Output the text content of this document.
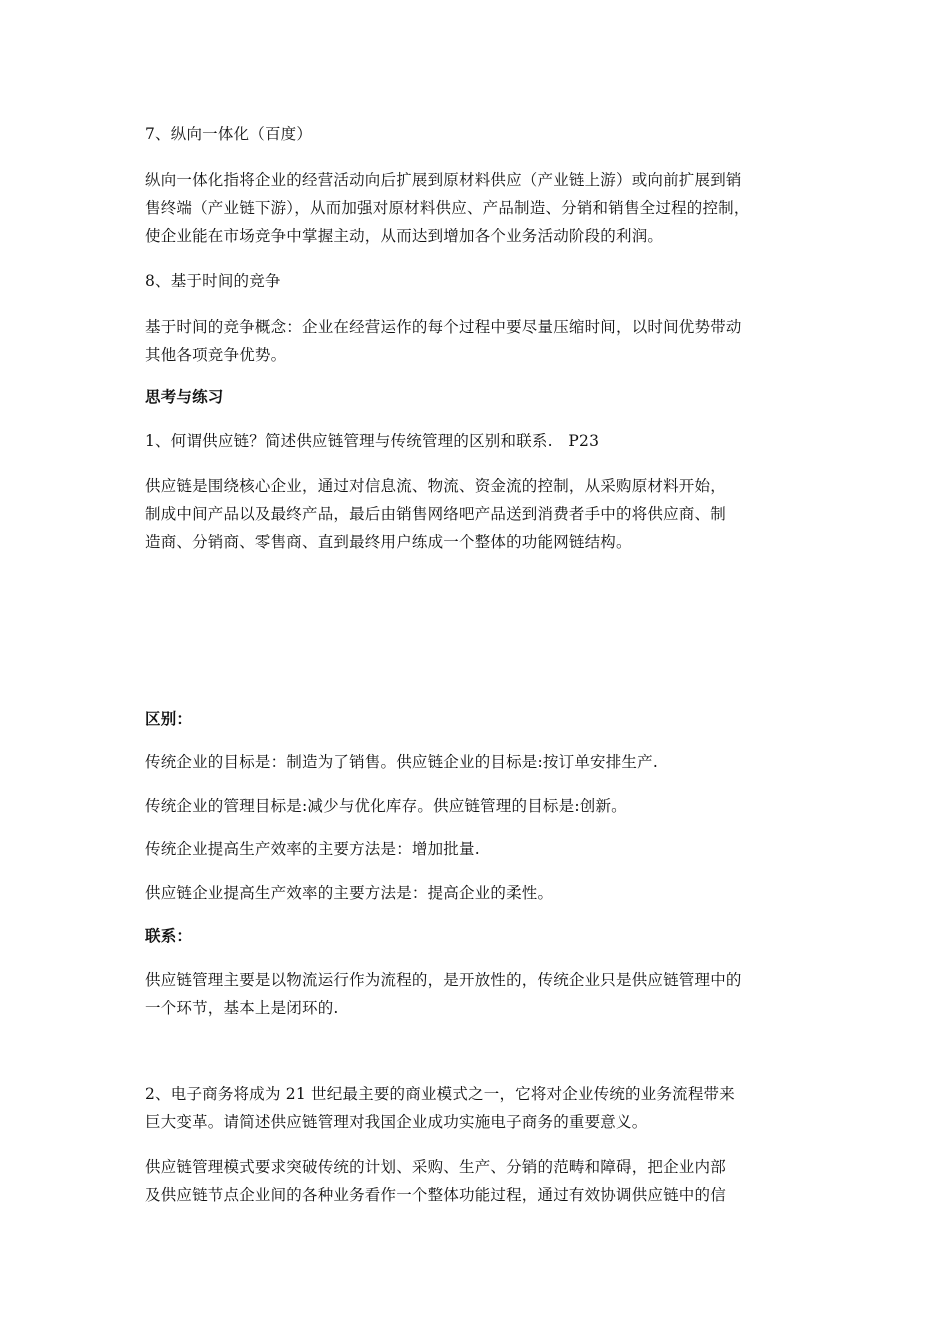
7、纵向一体化（百度）

纵向一体化指将企业的经营活动向后扩展到原材料供应（产业链上游）或向前扩展到销
售终端（产业链下游），从而加强对原材料供应、产品制造、分销和销售全过程的控制，
使企业能在市场竞争中掌握主动，从而达到增加各个业务活动阶段的利润。

8、基于时间的竞争

基于时间的竞争概念：企业在经营运作的每个过程中要尽量压缩时间，以时间优势带动
其他各项竞争优势。

思考与练习

1、何谓供应链？简述供应链管理与传统管理的区别和联系.　P23

供应链是围绕核心企业，通过对信息流、物流、资金流的控制，从采购原材料开始，
制成中间产品以及最终产品，最后由销售网络吧产品送到消费者手中的将供应商、制
造商、分销商、零售商、直到最终用户练成一个整体的功能网链结构。

区别：

传统企业的目标是：制造为了销售。供应链企业的目标是:按订单安排生产.

传统企业的管理目标是:减少与优化库存。供应链管理的目标是:创新。

传统企业提高生产效率的主要方法是：增加批量.

供应链企业提高生产效率的主要方法是：提高企业的柔性。

联系：

供应链管理主要是以物流运行作为流程的，是开放性的，传统企业只是供应链管理中的
一个环节，基本上是闭环的.
2、电子商务将成为 21 世纪最主要的商业模式之一，它将对企业传统的业务流程带来
巨大变革。请简述供应链管理对我国企业成功实施电子商务的重要意义。
供应链管理模式要求突破传统的计划、采购、生产、分销的范畴和障碍，把企业内部
及供应链节点企业间的各种业务看作一个整体功能过程，通过有效协调供应链中的信
